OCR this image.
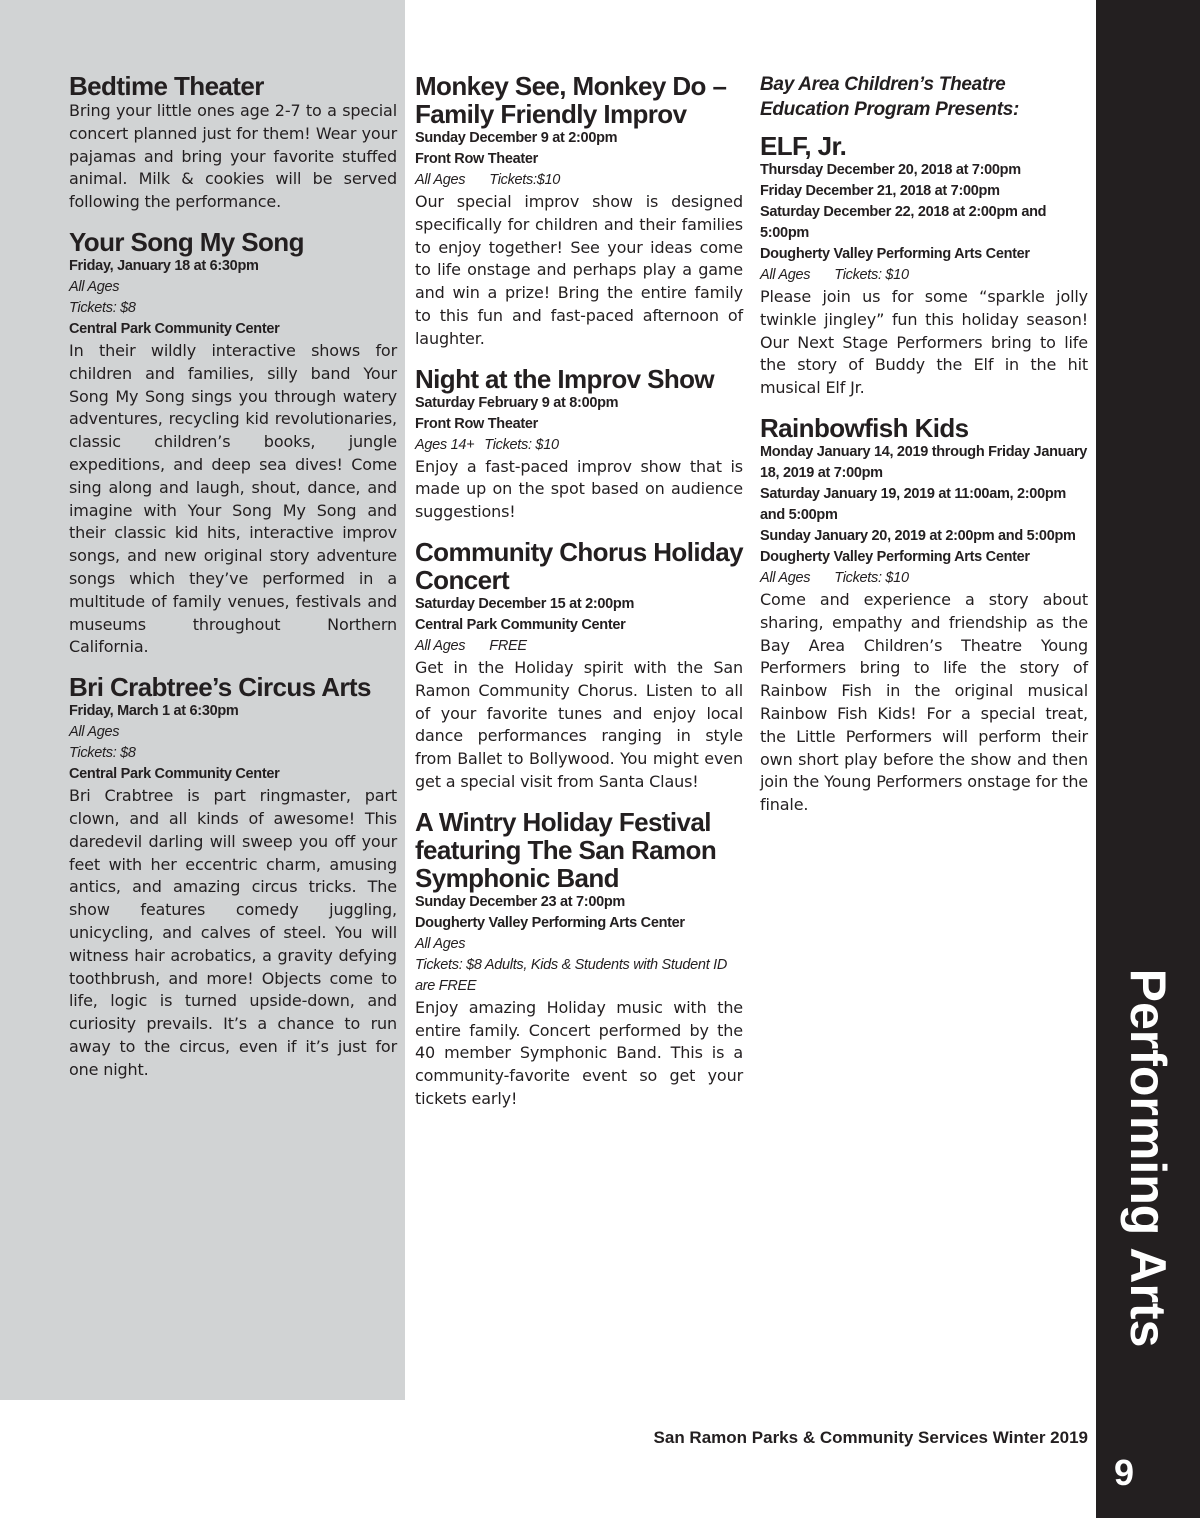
Performing Arts
9
San Ramon Parks & Community Services Winter 2019
Bedtime Theater

Bring your little ones age 2-7 to a special concert planned just for them! Wear your pajamas and bring your favorite stuffed animal. Milk & cookies will be served following the performance.

Your Song My Song
Friday, January 18 at 6:30pm
All Ages
Tickets: $8
Central Park Community Center

In their wildly interactive shows for children and families, silly band Your Song My Song sings you through watery adventures, recycling kid revolutionaries, classic children’s books, jungle expeditions, and deep sea dives! Come sing along and laugh, shout, dance, and imagine with Your Song My Song and their classic kid hits, interactive improv songs, and new original story adventure songs which they’ve performed in a multitude of family venues, festivals and museums throughout Northern California.

Bri Crabtree’s Circus Arts
Friday, March 1 at 6:30pm
All Ages
Tickets: $8
Central Park Community Center

Bri Crabtree is part ringmaster, part clown, and all kinds of awesome! This daredevil darling will sweep you off your feet with her eccentric charm, amusing antics, and amazing circus tricks. The show features comedy juggling, unicycling, and calves of steel. You will witness hair acrobatics, a gravity defying toothbrush, and more! Objects come to life, logic is turned upside-down, and curiosity prevails. It’s a chance to run away to the circus, even if it’s just for one night.

Monkey See, Monkey Do – Family Friendly Improv
Sunday December 9 at 2:00pm
Front Row Theater
All Ages Tickets:$10

Our special improv show is designed specifically for children and their families to enjoy together! See your ideas come to life onstage and perhaps play a game and win a prize! Bring the entire family to this fun and fast-paced afternoon of laughter.

Night at the Improv Show
Saturday February 9 at 8:00pm
Front Row Theater
Ages 14+ Tickets: $10

Enjoy a fast-paced improv show that is made up on the spot based on audience suggestions!

Community Chorus Holiday Concert
Saturday December 15 at 2:00pm
Central Park Community Center
All Ages FREE

Get in the Holiday spirit with the San Ramon Community Chorus. Listen to all of your favorite tunes and enjoy local dance performances ranging in style from Ballet to Bollywood. You might even get a special visit from Santa Claus!

A Wintry Holiday Festival featuring The San Ramon Symphonic Band
Sunday December 23 at 7:00pm
Dougherty Valley Performing Arts Center
All Ages
Tickets: $8 Adults, Kids & Students with Student ID are FREE

Enjoy amazing Holiday music with the entire family. Concert performed by the 40 member Symphonic Band. This is a community-favorite event so get your tickets early!

Bay Area Children’s Theatre Education Program Presents:
ELF, Jr.
Thursday December 20, 2018 at 7:00pm
Friday December 21, 2018 at 7:00pm
Saturday December 22, 2018 at 2:00pm and 5:00pm
Dougherty Valley Performing Arts Center
All Ages Tickets: $10

Please join us for some “sparkle jolly twinkle jingley” fun this holiday season! Our Next Stage Performers bring to life the story of Buddy the Elf in the hit musical Elf Jr.

Rainbowfish Kids
Monday January 14, 2019 through Friday January 18, 2019 at 7:00pm
Saturday January 19, 2019 at 11:00am, 2:00pm and 5:00pm
Sunday January 20, 2019 at 2:00pm and 5:00pm
Dougherty Valley Performing Arts Center
All Ages Tickets: $10

Come and experience a story about sharing, empathy and friendship as the Bay Area Children’s Theatre Young Performers bring to life the story of Rainbow Fish in the original musical Rainbow Fish Kids! For a special treat, the Little Performers will perform their own short play before the show and then join the Young Performers onstage for the finale.
